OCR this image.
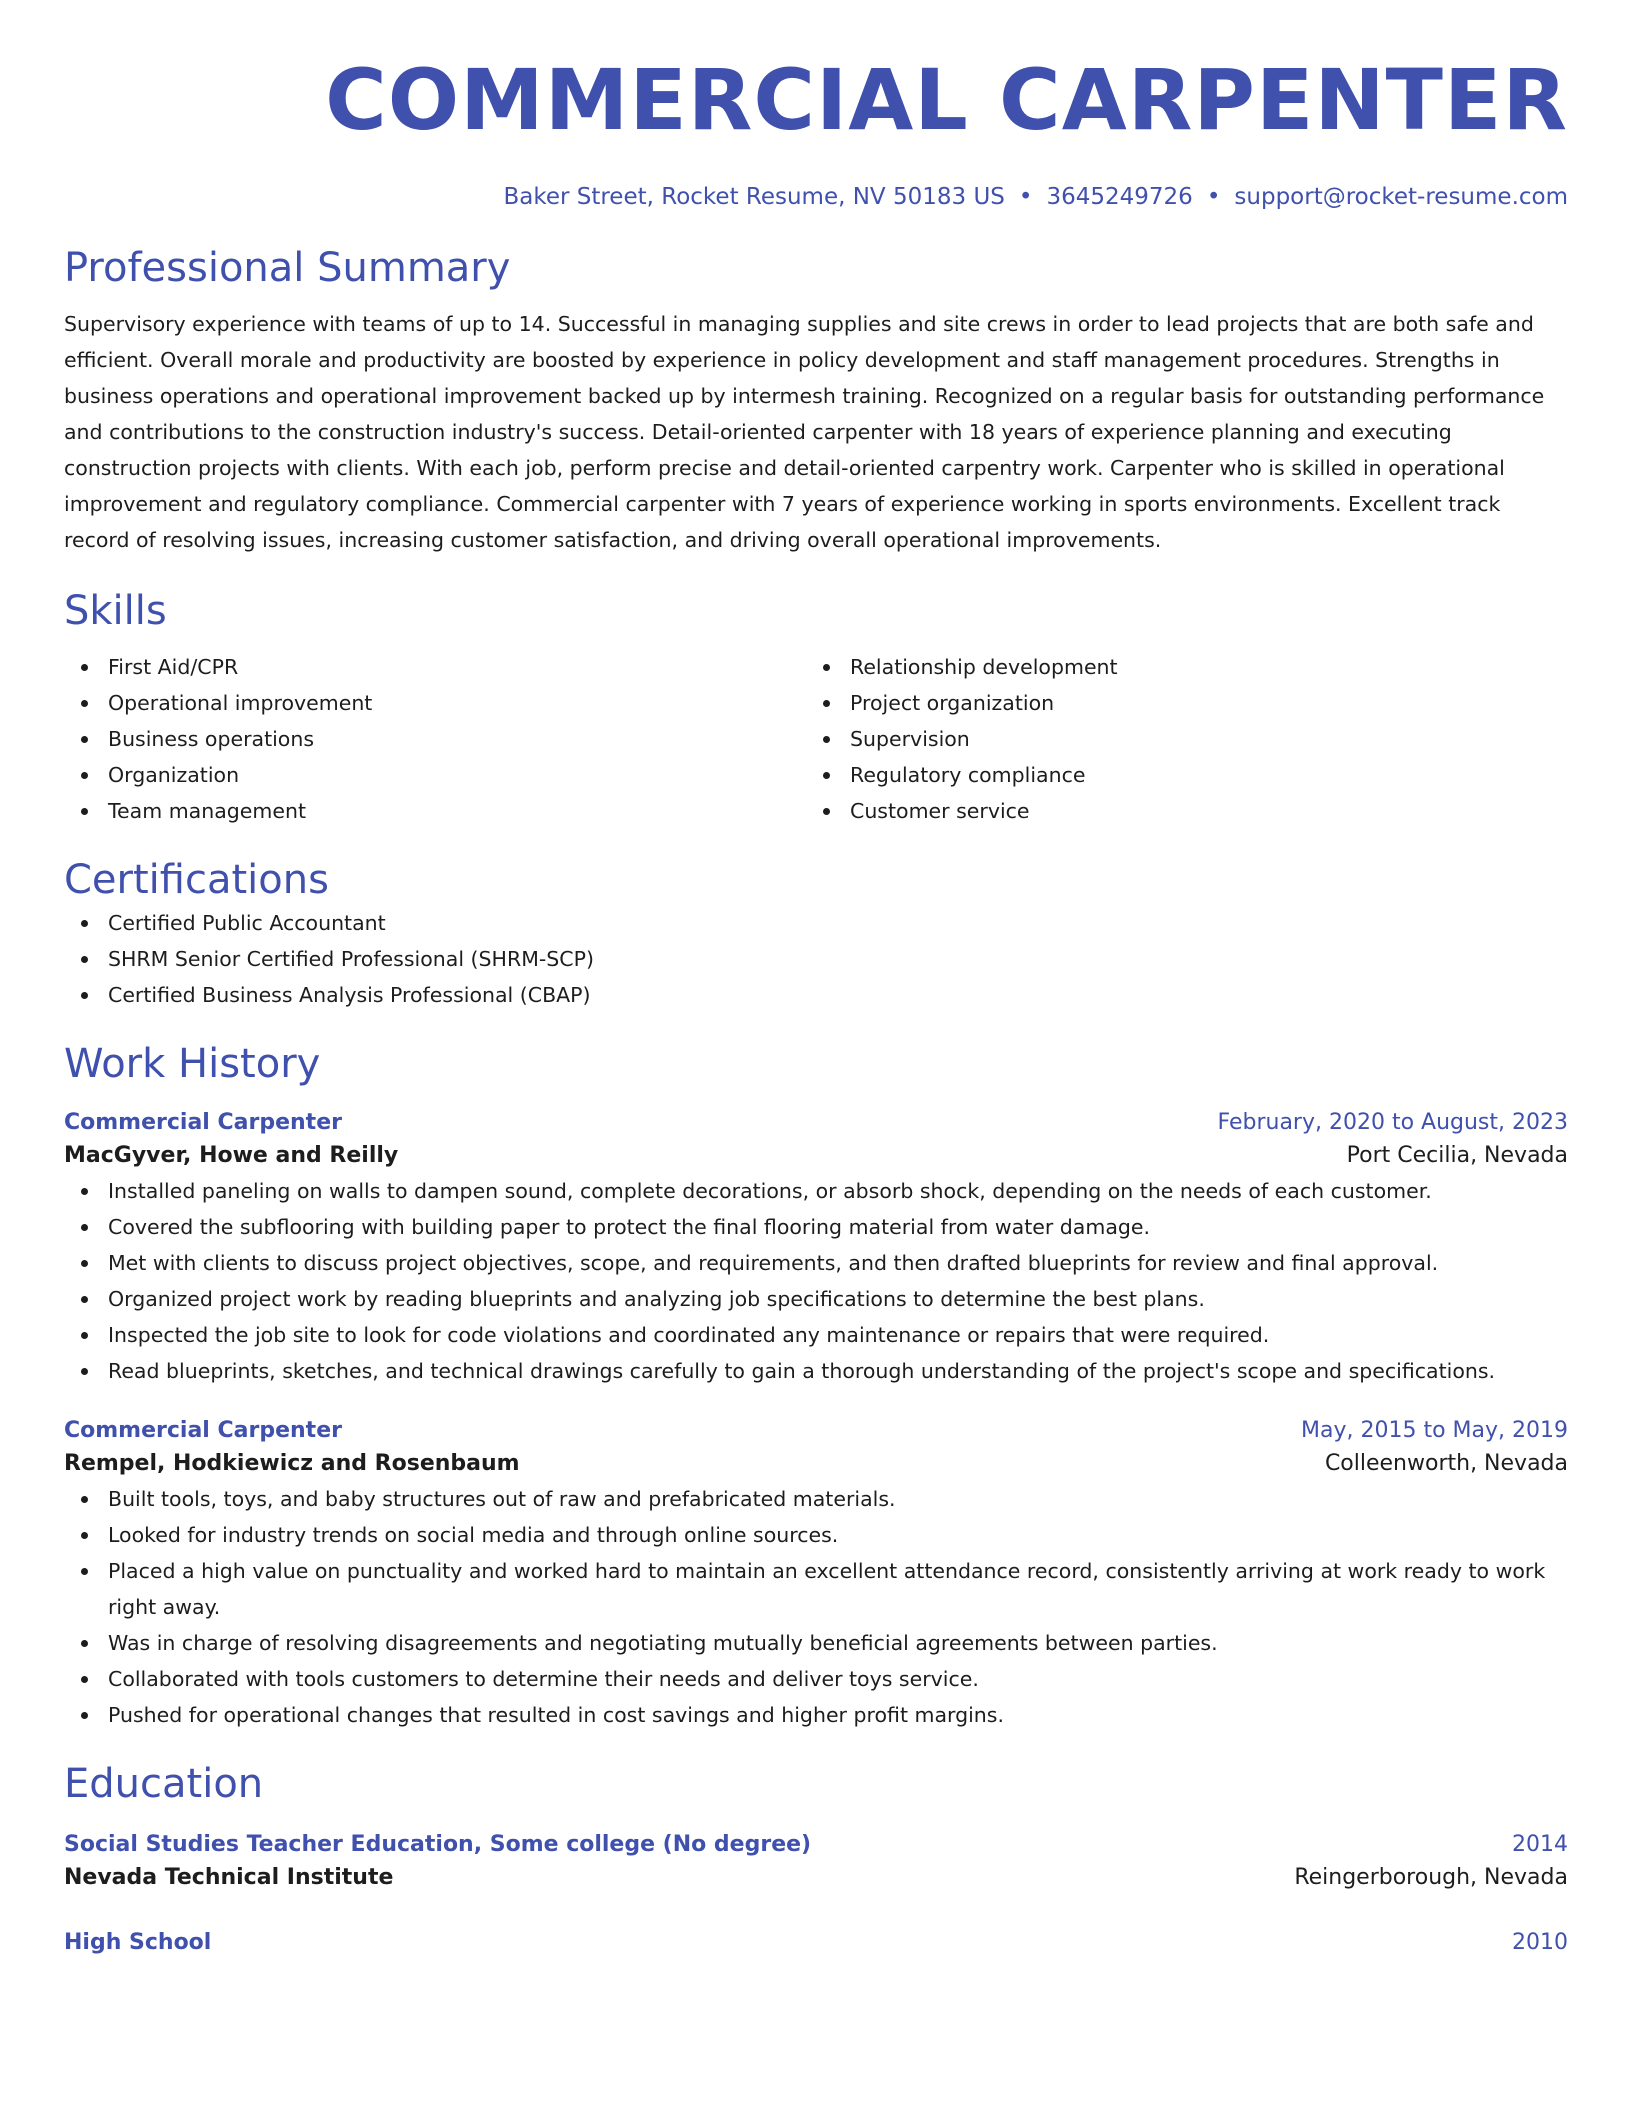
COMMERCIAL CARPENTER
Baker Street, Rocket Resume, NV 50183 US • 3645249726 • support@rocket-resume.com
Professional Summary

Supervisory experience with teams of up to 14. Successful in managing supplies and site crews in order to lead projects that are both safe and efficient. Overall morale and productivity are boosted by experience in policy development and staff management procedures. Strengths in business operations and operational improvement backed up by intermesh training. Recognized on a regular basis for outstanding performance and contributions to the construction industry's success. Detail-oriented carpenter with 18 years of experience planning and executing construction projects with clients. With each job, perform precise and detail-oriented carpentry work. Carpenter who is skilled in operational improvement and regulatory compliance. Commercial carpenter with 7 years of experience working in sports environments. Excellent track record of resolving issues, increasing customer satisfaction, and driving overall operational improvements.

Skills
First Aid/CPR
Operational improvement
Business operations
Organization
Team management
Relationship development
Project organization
Supervision
Regulatory compliance
Customer service
Certifications
Certified Public Accountant
SHRM Senior Certified Professional (SHRM-SCP)
Certified Business Analysis Professional (CBAP)
Work History
Commercial Carpenter	February, 2020 to August, 2023
MacGyver, Howe and Reilly	Port Cecilia, Nevada
Installed paneling on walls to dampen sound, complete decorations, or absorb shock, depending on the needs of each customer.
Covered the subflooring with building paper to protect the final flooring material from water damage.
Met with clients to discuss project objectives, scope, and requirements, and then drafted blueprints for review and final approval.
Organized project work by reading blueprints and analyzing job specifications to determine the best plans.
Inspected the job site to look for code violations and coordinated any maintenance or repairs that were required.
Read blueprints, sketches, and technical drawings carefully to gain a thorough understanding of the project's scope and specifications.
Commercial Carpenter	May, 2015 to May, 2019
Rempel, Hodkiewicz and Rosenbaum	Colleenworth, Nevada
Built tools, toys, and baby structures out of raw and prefabricated materials.
Looked for industry trends on social media and through online sources.
Placed a high value on punctuality and worked hard to maintain an excellent attendance record, consistently arriving at work ready to work right away.
Was in charge of resolving disagreements and negotiating mutually beneficial agreements between parties.
Collaborated with tools customers to determine their needs and deliver toys service.
Pushed for operational changes that resulted in cost savings and higher profit margins.
Education
Social Studies Teacher Education, Some college (No degree)	2014
Nevada Technical Institute	Reingerborough, Nevada
High School	2010
